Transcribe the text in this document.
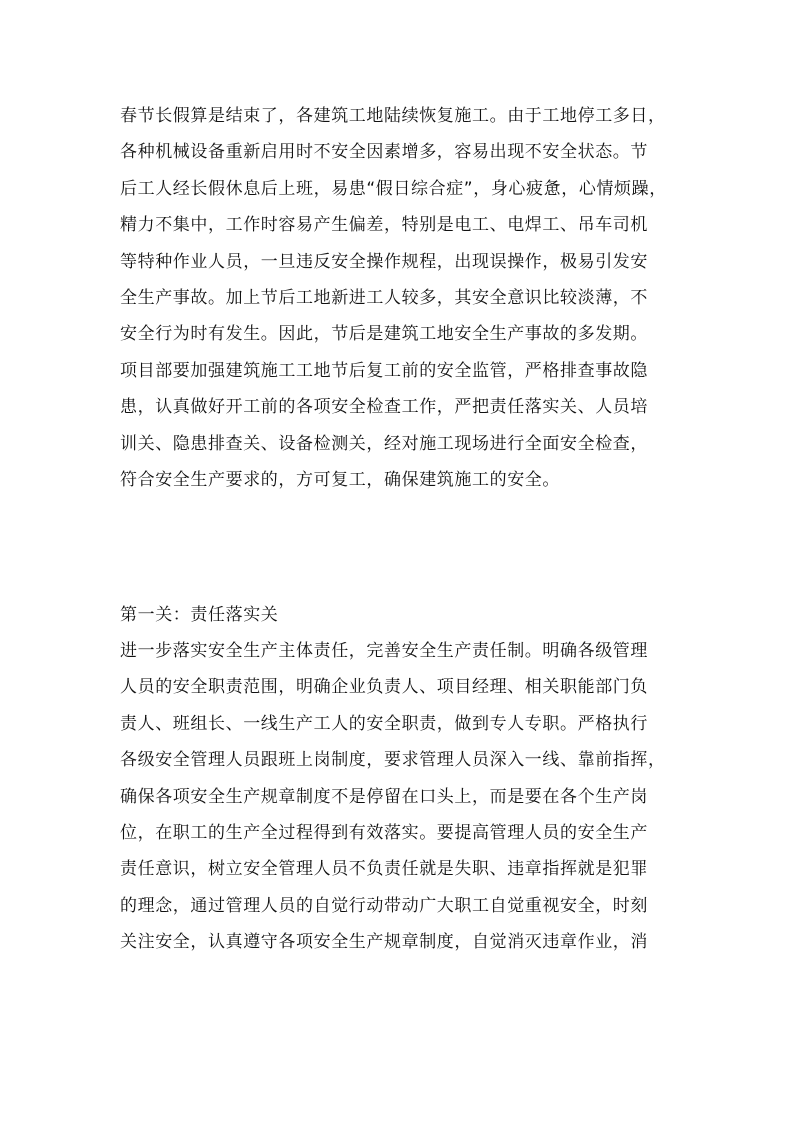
春节长假算是结束了，各建筑工地陆续恢复施工。由于工地停工多日，
各种机械设备重新启用时不安全因素增多，容易出现不安全状态。节
后工人经长假休息后上班，易患“假日综合症”，身心疲惫，心情烦躁，
精力不集中，工作时容易产生偏差，特别是电工、电焊工、吊车司机
等特种作业人员，一旦违反安全操作规程，出现误操作，极易引发安
全生产事故。加上节后工地新进工人较多，其安全意识比较淡薄，不
安全行为时有发生。因此，节后是建筑工地安全生产事故的多发期。
项目部要加强建筑施工工地节后复工前的安全监管，严格排查事故隐
患，认真做好开工前的各项安全检查工作，严把责任落实关、人员培
训关、隐患排查关、设备检测关，经对施工现场进行全面安全检查，
符合安全生产要求的，方可复工，确保建筑施工的安全。
第一关：责任落实关
进一步落实安全生产主体责任，完善安全生产责任制。明确各级管理
人员的安全职责范围，明确企业负责人、项目经理、相关职能部门负
责人、班组长、一线生产工人的安全职责，做到专人专职。严格执行
各级安全管理人员跟班上岗制度，要求管理人员深入一线、靠前指挥，
确保各项安全生产规章制度不是停留在口头上，而是要在各个生产岗
位，在职工的生产全过程得到有效落实。要提高管理人员的安全生产
责任意识，树立安全管理人员不负责任就是失职、违章指挥就是犯罪
的理念，通过管理人员的自觉行动带动广大职工自觉重视安全，时刻
关注安全，认真遵守各项安全生产规章制度，自觉消灭违章作业，消
